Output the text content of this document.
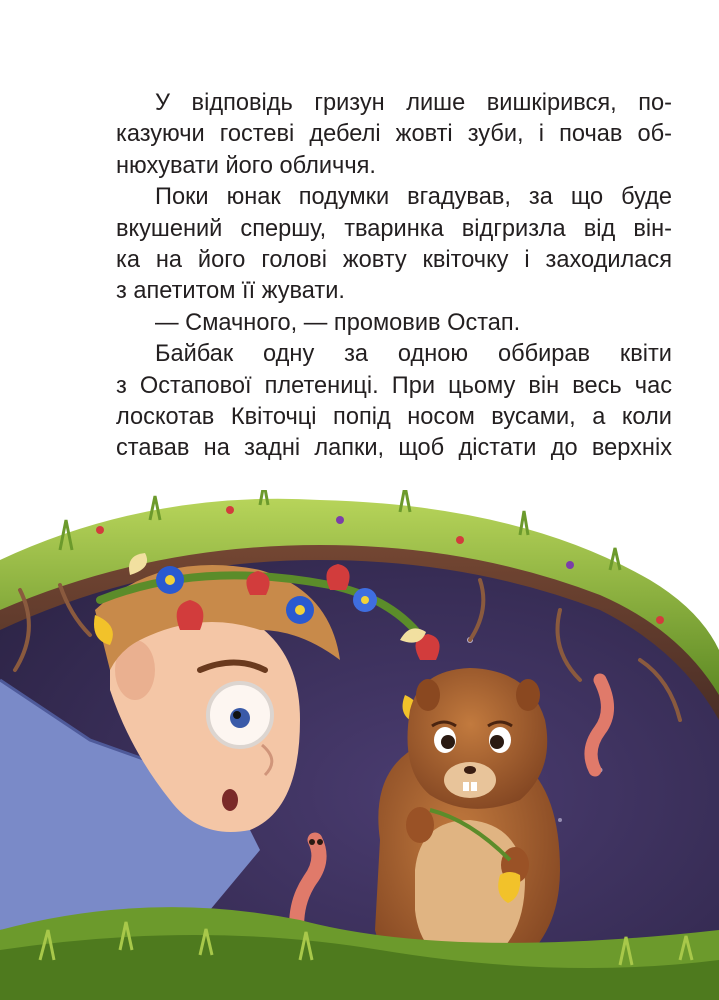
У відповідь гризун лише вишкірився, по-
казуючи гостеві дебелі жовті зуби, і почав об-
нюхувати його обличчя.

Поки юнак подумки вгадував, за що буде
вкушений спершу, тваринка відгризла від він-
ка на його голові жовту квіточку і заходилася
з апетитом її жувати.

— Смачного, — промовив Остап.

Байбак одну за одною оббирав квіти
з Остапової плетениці. При цьому він весь час
лоскотав Квіточці попід носом вусами, а коли
ставав на задні лапки, щоб дістати до верхніх
